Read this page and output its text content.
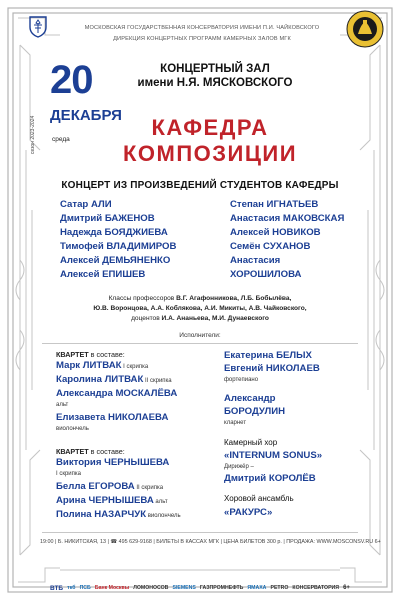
МОСКОВСКАЯ ГОСУДАРСТВЕННАЯ КОНСЕРВАТОРИЯ ИМЕНИ П.И. ЧАЙКОВСКОГО
ДИРЕКЦИЯ КОНЦЕРТНЫХ ПРОГРАММ КАМЕРНЫХ ЗАЛОВ МГК
КОНЦЕРТНЫЙ ЗАЛ
имени Н.Я. МЯСКОВСКОГО
20
ДЕКАБРЯ
среда
сезон 2023-2024	КАФЕДРА
КОМПОЗИЦИИ
КОНЦЕРТ ИЗ ПРОИЗВЕДЕНИЙ СТУДЕНТОВ КАФЕДРЫ
Сатар АЛИ
Дмитрий БАЖЕНОВ
Надежда БОЯДЖИЕВА
Тимофей ВЛАДИМИРОВ
Алексей ДЕМЬЯНЕНКО
Алексей ЕПИШЕВ
Степан ИГНАТЬЕВ
Анастасия МАКОВСКАЯ
Алексей НОВИКОВ
Семён СУХАНОВ
Анастасия
ХОРОШИЛОВА
Классы профессоров В.Г. Агафонникова, Л.Б. Бобылёва,
Ю.В. Воронцова, А.А. Коблякова, А.И. Микиты, А.В. Чайковского,
доцентов И.А. Ананьева, М.И. Дунаевского
Исполнители:
КВАРТЕТ в составе:
Марк ЛИТВАК I скрипка
Каролина ЛИТВАК II скрипка
Александра МОСКАЛЁВА
альт
Елизавета НИКОЛАЕВА
виолончель
КВАРТЕТ в составе:
Виктория ЧЕРНЫШЕВА
I скрипка
Белла ЕГОРОВА II скрипка
Арина ЧЕРНЫШЕВА альт
Полина НАЗАРЧУК виолончель
Екатерина БЕЛЫХ
Евгений НИКОЛАЕВ
фортепиано
Александр
БОРОДУЛИН
кларнет
Камерный хор
«INTERNUM SONUS»
Дирижёр –
Дмитрий КОРОЛЁВ
Хоровой ансамбль
«РАКУРС»
19:00 | Б. НИКИТСКАЯ, 13 | ☎ 495 629-9168 | БИЛЕТЫ В КАССАХ МГК | ЦЕНА БИЛЕТОВ 300 р. | ПРОДАЖА: WWW.MOSCONSV.RU 6+
ВТБ ткб ПСБ Банк Москвы ЛОМОНОСОВ SIEMENS ГАЗПРОМНЕФТЬ ЯМАХА PETRO КОНСЕРВАТОРИЯ 6+
